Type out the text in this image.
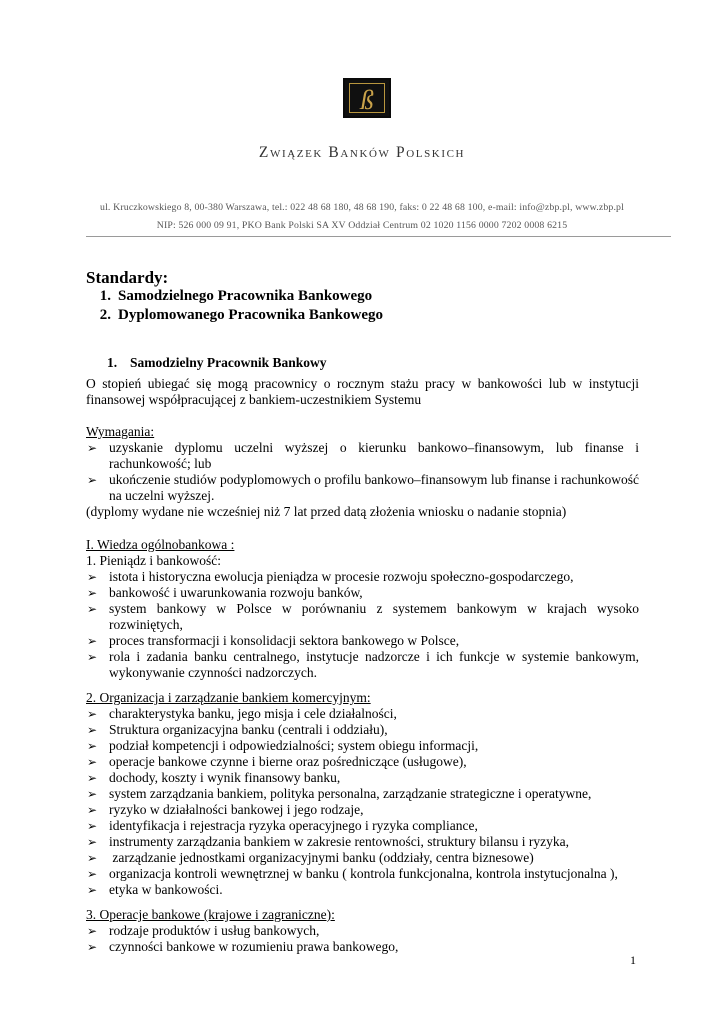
ß
Związek Banków Polskich
ul. Kruczkowskiego 8, 00-380 Warszawa, tel.: 022 48 68 180, 48 68 190, faks: 0 22 48 68 100, e-mail: info@zbp.pl, www.zbp.pl
NIP: 526 000 09 91, PKO Bank Polski SA XV Oddział Centrum 02 1020 1156 0000 7202 0008 6215
Standardy:
1. Samodzielnego Pracownika Bankowego
2. Dyplomowanego Pracownika Bankowego
1. Samodzielny Pracownik Bankowy
O stopień ubiegać się mogą pracownicy o rocznym stażu pracy w bankowości lub w instytucji finansowej współpracującej z bankiem-uczestnikiem Systemu
Wymagania:
➢ uzyskanie dyplomu uczelni wyższej o kierunku bankowo–finansowym, lub finanse i rachunkowość; lub
➢ ukończenie studiów podyplomowych o profilu bankowo–finansowym lub finanse i rachunkowość na uczelni wyższej.
(dyplomy wydane nie wcześniej niż 7 lat przed datą złożenia wniosku o nadanie stopnia)
I. Wiedza ogólnobankowa :
1. Pieniądz i bankowość:
➢ istota i historyczna ewolucja pieniądza w procesie rozwoju społeczno-gospodarczego,
➢ bankowość i uwarunkowania rozwoju banków,
➢ system bankowy w Polsce w porównaniu z systemem bankowym w krajach wysoko rozwiniętych,
➢ proces transformacji i konsolidacji sektora bankowego w Polsce,
➢ rola i zadania banku centralnego, instytucje nadzorcze i ich funkcje w systemie bankowym, wykonywanie czynności nadzorczych.
2. Organizacja i zarządzanie bankiem komercyjnym:
➢ charakterystyka banku, jego misja i cele działalności,
➢ Struktura organizacyjna banku (centrali i oddziału),
➢ podział kompetencji i odpowiedzialności; system obiegu informacji,
➢ operacje bankowe czynne i bierne oraz pośredniczące (usługowe),
➢ dochody, koszty i wynik finansowy banku,
➢ system zarządzania bankiem, polityka personalna, zarządzanie strategiczne i operatywne,
➢ ryzyko w działalności bankowej i jego rodzaje,
➢ identyfikacja i rejestracja ryzyka operacyjnego i ryzyka compliance,
➢ instrumenty zarządzania bankiem w zakresie rentowności, struktury bilansu i ryzyka,
➢ zarządzanie jednostkami organizacyjnymi banku (oddziały, centra biznesowe)
➢ organizacja kontroli wewnętrznej w banku ( kontrola funkcjonalna, kontrola instytucjonalna ),
➢ etyka w bankowości.
3. Operacje bankowe (krajowe i zagraniczne):
➢ rodzaje produktów i usług bankowych,
➢ czynności bankowe w rozumieniu prawa bankowego,
1
